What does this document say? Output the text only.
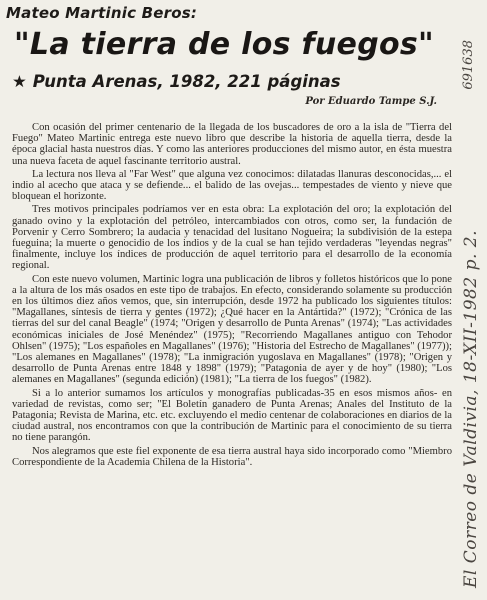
Mateo Martinic Beros:
"La tierra de los fuegos"
★ Punta Arenas, 1982, 221 páginas
Por Eduardo Tampe S.J.

Con ocasión del primer centenario de la llegada de los buscadores de oro a la isla de "Tierra del Fuego" Mateo Martinic entrega este nuevo libro que describe la historia de aquella tierra, desde la época glacial hasta nuestros días. Y como las anteriores producciones del mismo autor, en ésta muestra una nueva faceta de aquel fascinante territorio austral.

La lectura nos lleva al "Far West" que alguna vez conocimos: dilatadas llanuras desconocidas,... el indio al acecho que ataca y se defiende... el balido de las ovejas... tempestades de viento y nieve que bloquean el horizonte.

Tres motivos principales podríamos ver en esta obra: La explotación del oro; la explotación del ganado ovino y la explotación del petróleo, intercambiados con otros, como ser, la fundación de Porvenir y Cerro Sombrero; la audacia y tenacidad del lusitano Nogueira; la subdivisión de la estepa fueguina; la muerte o genocidio de los indios y de la cual se han tejido verdaderas "leyendas negras" finalmente, incluye los índices de producción de aquel territorio para el desarrollo de la economía regional.

Con este nuevo volumen, Martinic logra una publicación de libros y folletos históricos que lo pone a la altura de los más osados en este tipo de trabajos. En efecto, considerando solamente su producción en los últimos diez años vemos, que, sin interrupción, desde 1972 ha publicado los siguientes títulos: "Magallanes, síntesis de tierra y gentes (1972); ¿Qué hacer en la Antártida?" (1972); "Crónica de las tierras del sur del canal Beagle" (1974; "Origen y desarrollo de Punta Arenas" (1974); "Las actividades económicas iniciales de José Menéndez" (1975); "Recorriendo Magallanes antiguo con Tehodor Ohlsen" (1975); "Los españoles en Magallanes" (1976); "Historia del Estrecho de Magallanes" (1977)); "Los alemanes en Magallanes" (1978); "La inmigración yugoslava en Magallanes" (1978); "Origen y desarrollo de Punta Arenas entre 1848 y 1898" (1979); "Patagonia de ayer y de hoy" (1980); "Los alemanes en Magallanes" (segunda edición) (1981); "La tierra de los fuegos" (1982).

Si a lo anterior sumamos los artículos y monografías publicadas-35 en esos mismos años- en variedad de revistas, como ser; "El Boletín ganadero de Punta Arenas; Anales del Instituto de la Patagonia; Revista de Marina, etc. etc. excluyendo el medio centenar de colaboraciones en diarios de la ciudad austral, nos encontramos con que la contribución de Martinic para el conocimiento de su tierra no tiene parangón.

Nos alegramos que este fiel exponente de esa tierra austral haya sido incorporado como "Miembro Correspondiente de la Academia Chilena de la Historia".

691638
El Correo de Valdivia, 18-XII-1982 p. 2.
